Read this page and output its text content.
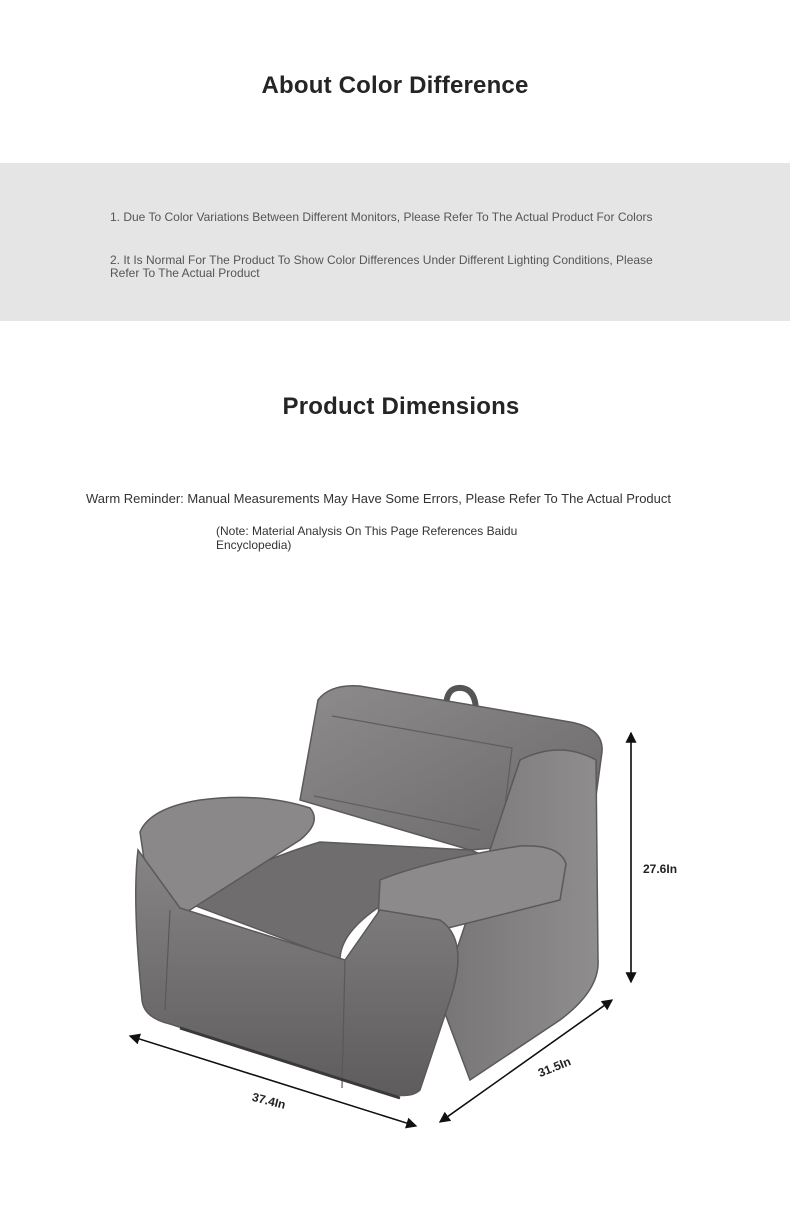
About Color Difference
1. Due To Color Variations Between Different Monitors, Please Refer To The Actual Product For Colors
2. It Is Normal For The Product To Show Color Differences Under Different Lighting Conditions, Please Refer To The Actual Product
Product Dimensions
Warm Reminder: Manual Measurements May Have Some Errors, Please Refer To The Actual Product
(Note: Material Analysis On This Page References Baidu Encyclopedia)
27.6In
31.5In
37.4In
